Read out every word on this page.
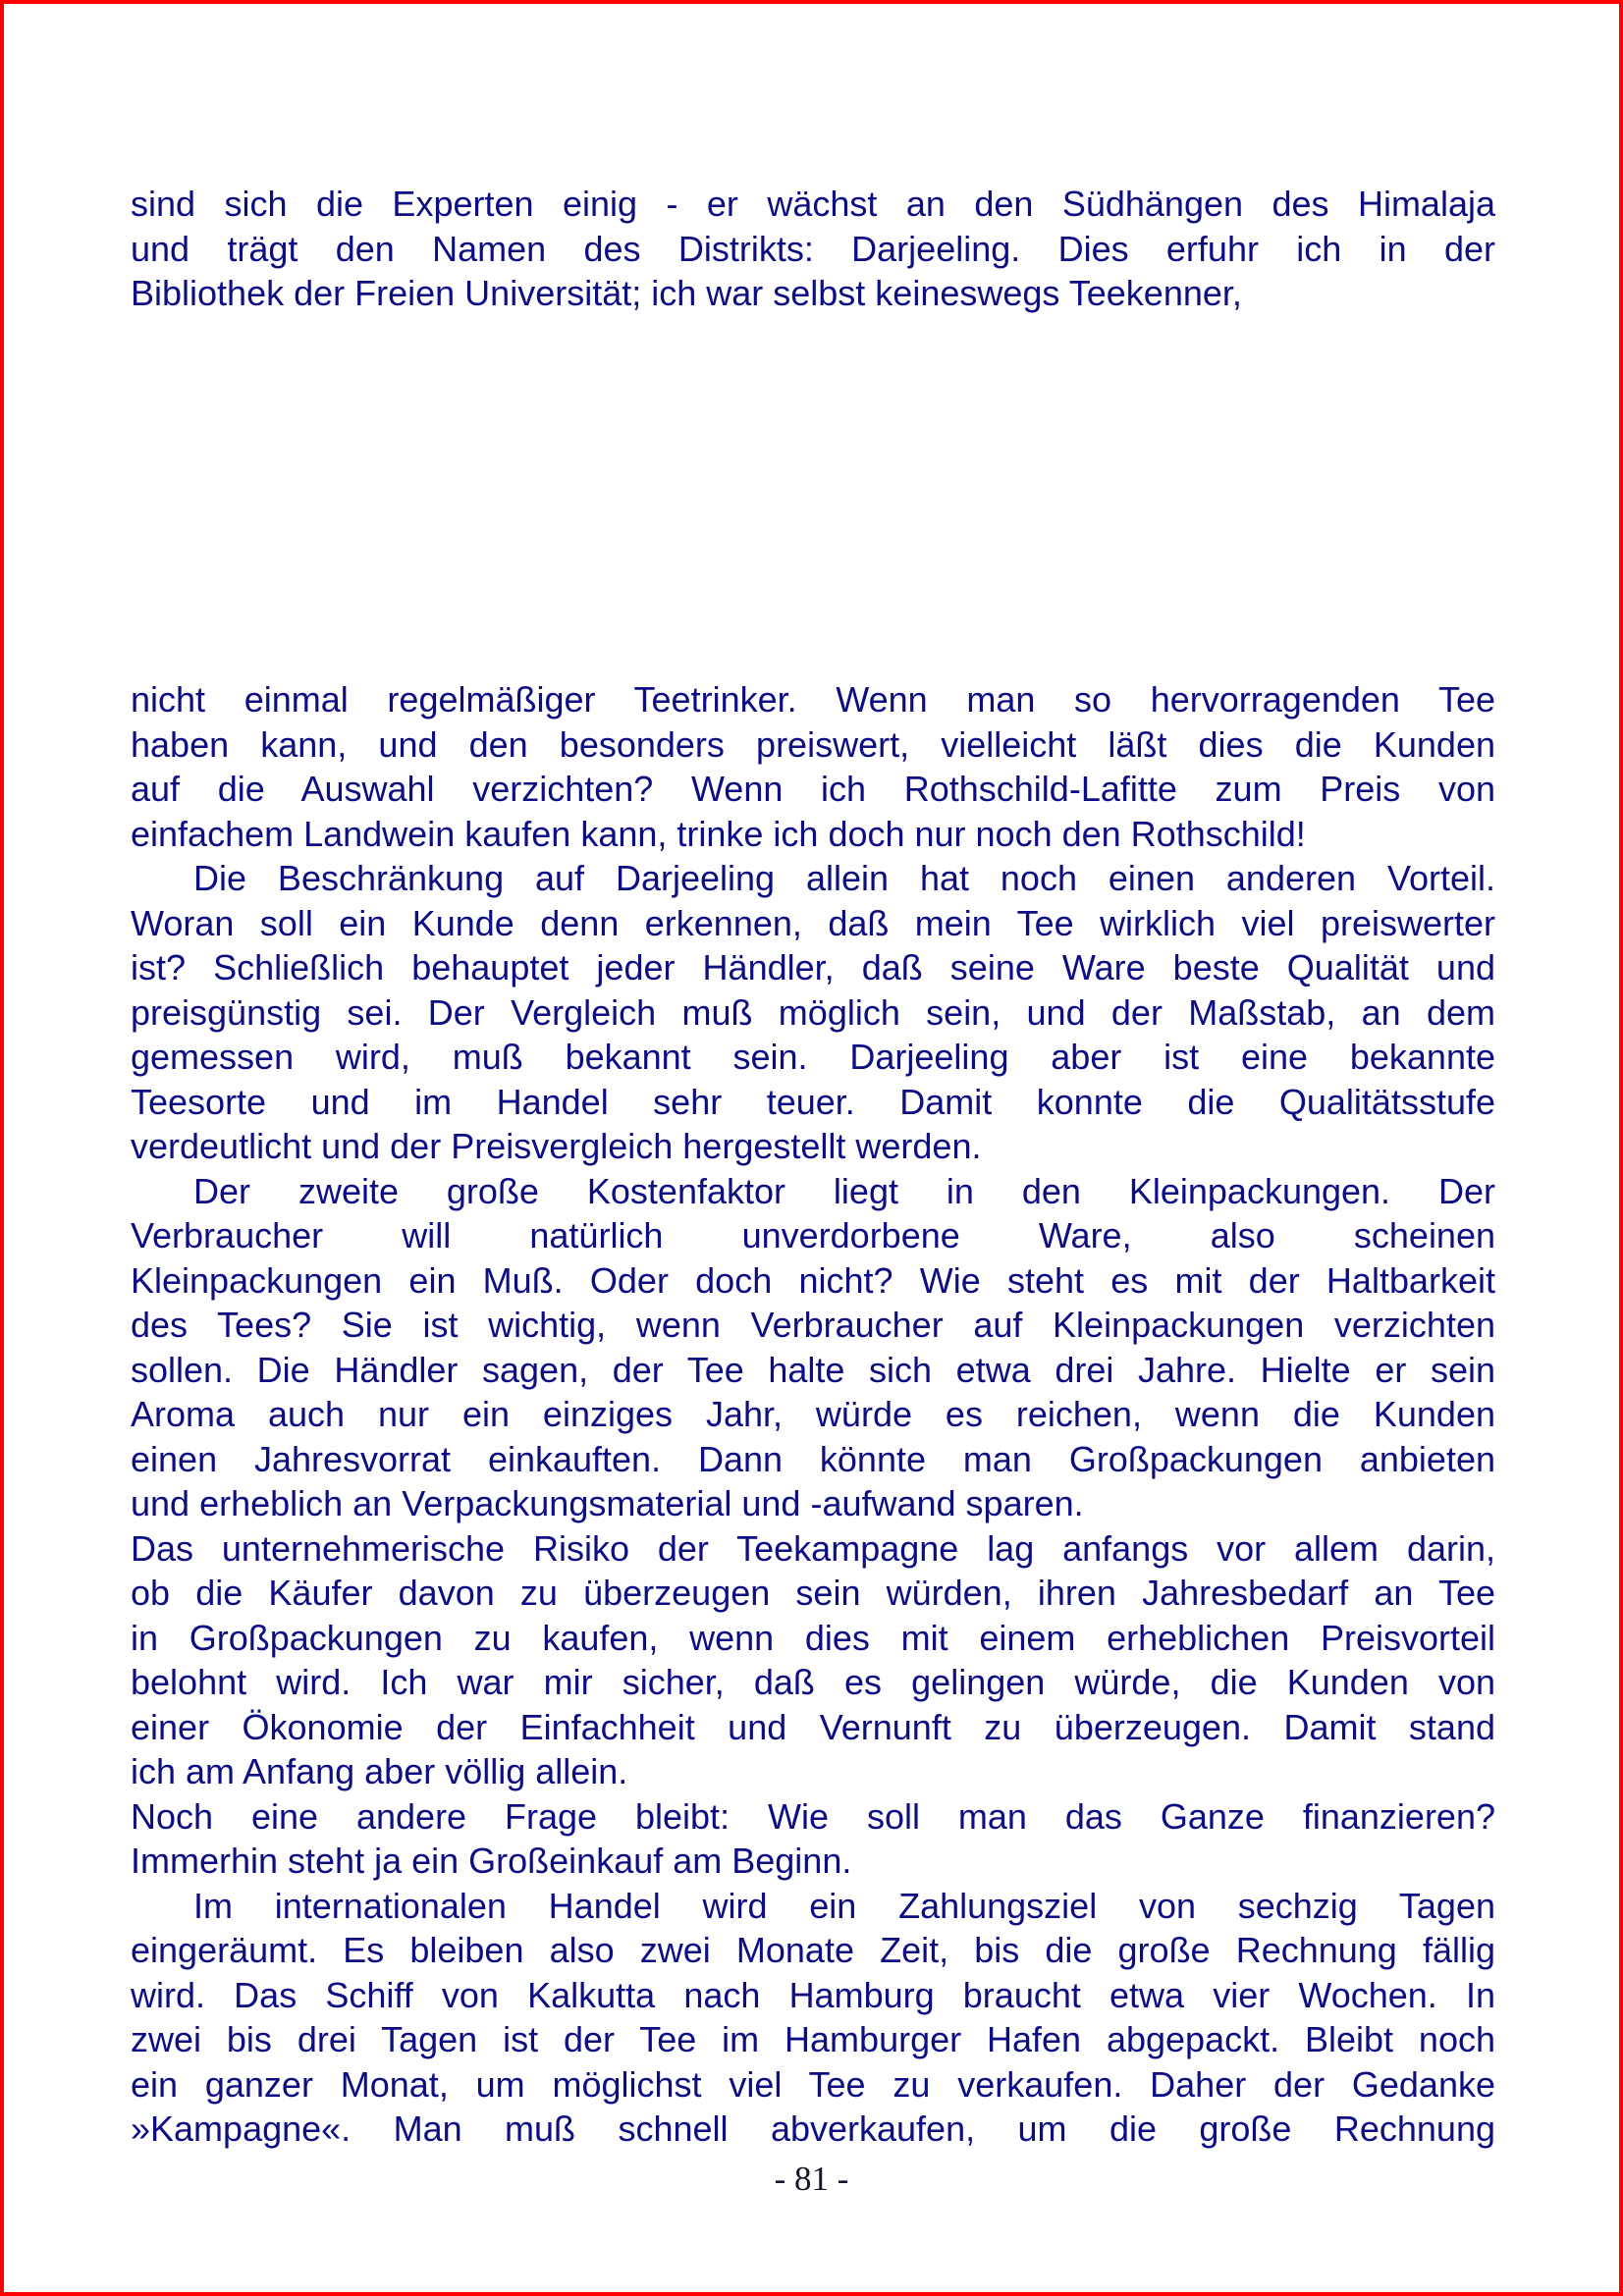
sind sich die Experten einig - er wächst an den Südhängen des Himalaja
und trägt den Namen des Distrikts: Darjeeling. Dies erfuhr ich in der
Bibliothek der Freien Universität; ich war selbst keineswegs Teekenner,
nicht einmal regelmäßiger Teetrinker. Wenn man so hervorragenden Tee
haben kann, und den besonders preiswert, vielleicht läßt dies die Kunden
auf die Auswahl verzichten? Wenn ich Rothschild-Lafitte zum Preis von
einfachem Landwein kaufen kann, trinke ich doch nur noch den Rothschild!
Die Beschränkung auf Darjeeling allein hat noch einen anderen Vorteil.
Woran soll ein Kunde denn erkennen, daß mein Tee wirklich viel preiswerter
ist? Schließlich behauptet jeder Händler, daß seine Ware beste Qualität und
preisgünstig sei. Der Vergleich muß möglich sein, und der Maßstab, an dem
gemessen wird, muß bekannt sein. Darjeeling aber ist eine bekannte
Teesorte und im Handel sehr teuer. Damit konnte die Qualitätsstufe
verdeutlicht und der Preisvergleich hergestellt werden.
Der zweite große Kostenfaktor liegt in den Kleinpackungen. Der
Verbraucher will natürlich unverdorbene Ware, also scheinen
Kleinpackungen ein Muß. Oder doch nicht? Wie steht es mit der Haltbarkeit
des Tees? Sie ist wichtig, wenn Verbraucher auf Kleinpackungen verzichten
sollen. Die Händler sagen, der Tee halte sich etwa drei Jahre. Hielte er sein
Aroma auch nur ein einziges Jahr, würde es reichen, wenn die Kunden
einen Jahresvorrat einkauften. Dann könnte man Großpackungen anbieten
und erheblich an Verpackungsmaterial und -aufwand sparen.
Das unternehmerische Risiko der Teekampagne lag anfangs vor allem darin,
ob die Käufer davon zu überzeugen sein würden, ihren Jahresbedarf an Tee
in Großpackungen zu kaufen, wenn dies mit einem erheblichen Preisvorteil
belohnt wird. Ich war mir sicher, daß es gelingen würde, die Kunden von
einer Ökonomie der Einfachheit und Vernunft zu überzeugen. Damit stand
ich am Anfang aber völlig allein.
Noch eine andere Frage bleibt: Wie soll man das Ganze finanzieren?
Immerhin steht ja ein Großeinkauf am Beginn.
Im internationalen Handel wird ein Zahlungsziel von sechzig Tagen
eingeräumt. Es bleiben also zwei Monate Zeit, bis die große Rechnung fällig
wird. Das Schiff von Kalkutta nach Hamburg braucht etwa vier Wochen. In
zwei bis drei Tagen ist der Tee im Hamburger Hafen abgepackt. Bleibt noch
ein ganzer Monat, um möglichst viel Tee zu verkaufen. Daher der Gedanke
»Kampagne«. Man muß schnell abverkaufen, um die große Rechnung
- 81 -
